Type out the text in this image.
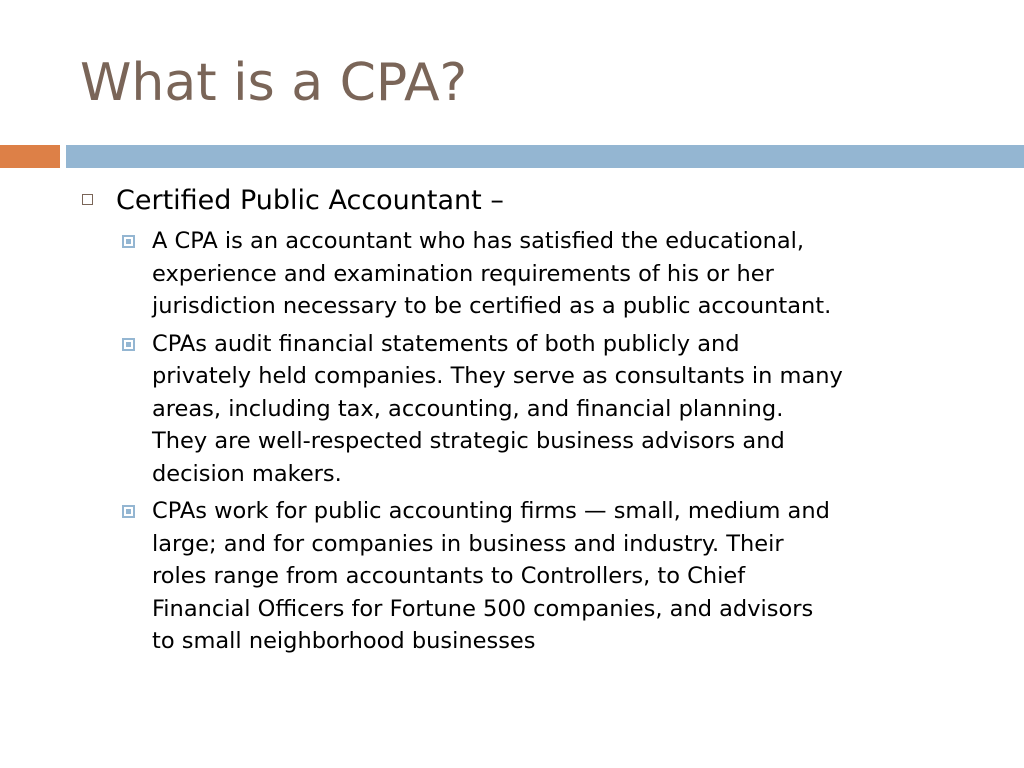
What is a CPA?
Certified Public Accountant –
A CPA is an accountant who has satisfied the educational,
experience and examination requirements of his or her
jurisdiction necessary to be certified as a public accountant.
CPAs audit financial statements of both publicly and
privately held companies. They serve as consultants in many
areas, including tax, accounting, and financial planning.
They are well-respected strategic business advisors and
decision makers.
CPAs work for public accounting firms — small, medium and
large; and for companies in business and industry. Their
roles range from accountants to Controllers, to Chief
Financial Officers for Fortune 500 companies, and advisors
to small neighborhood businesses
